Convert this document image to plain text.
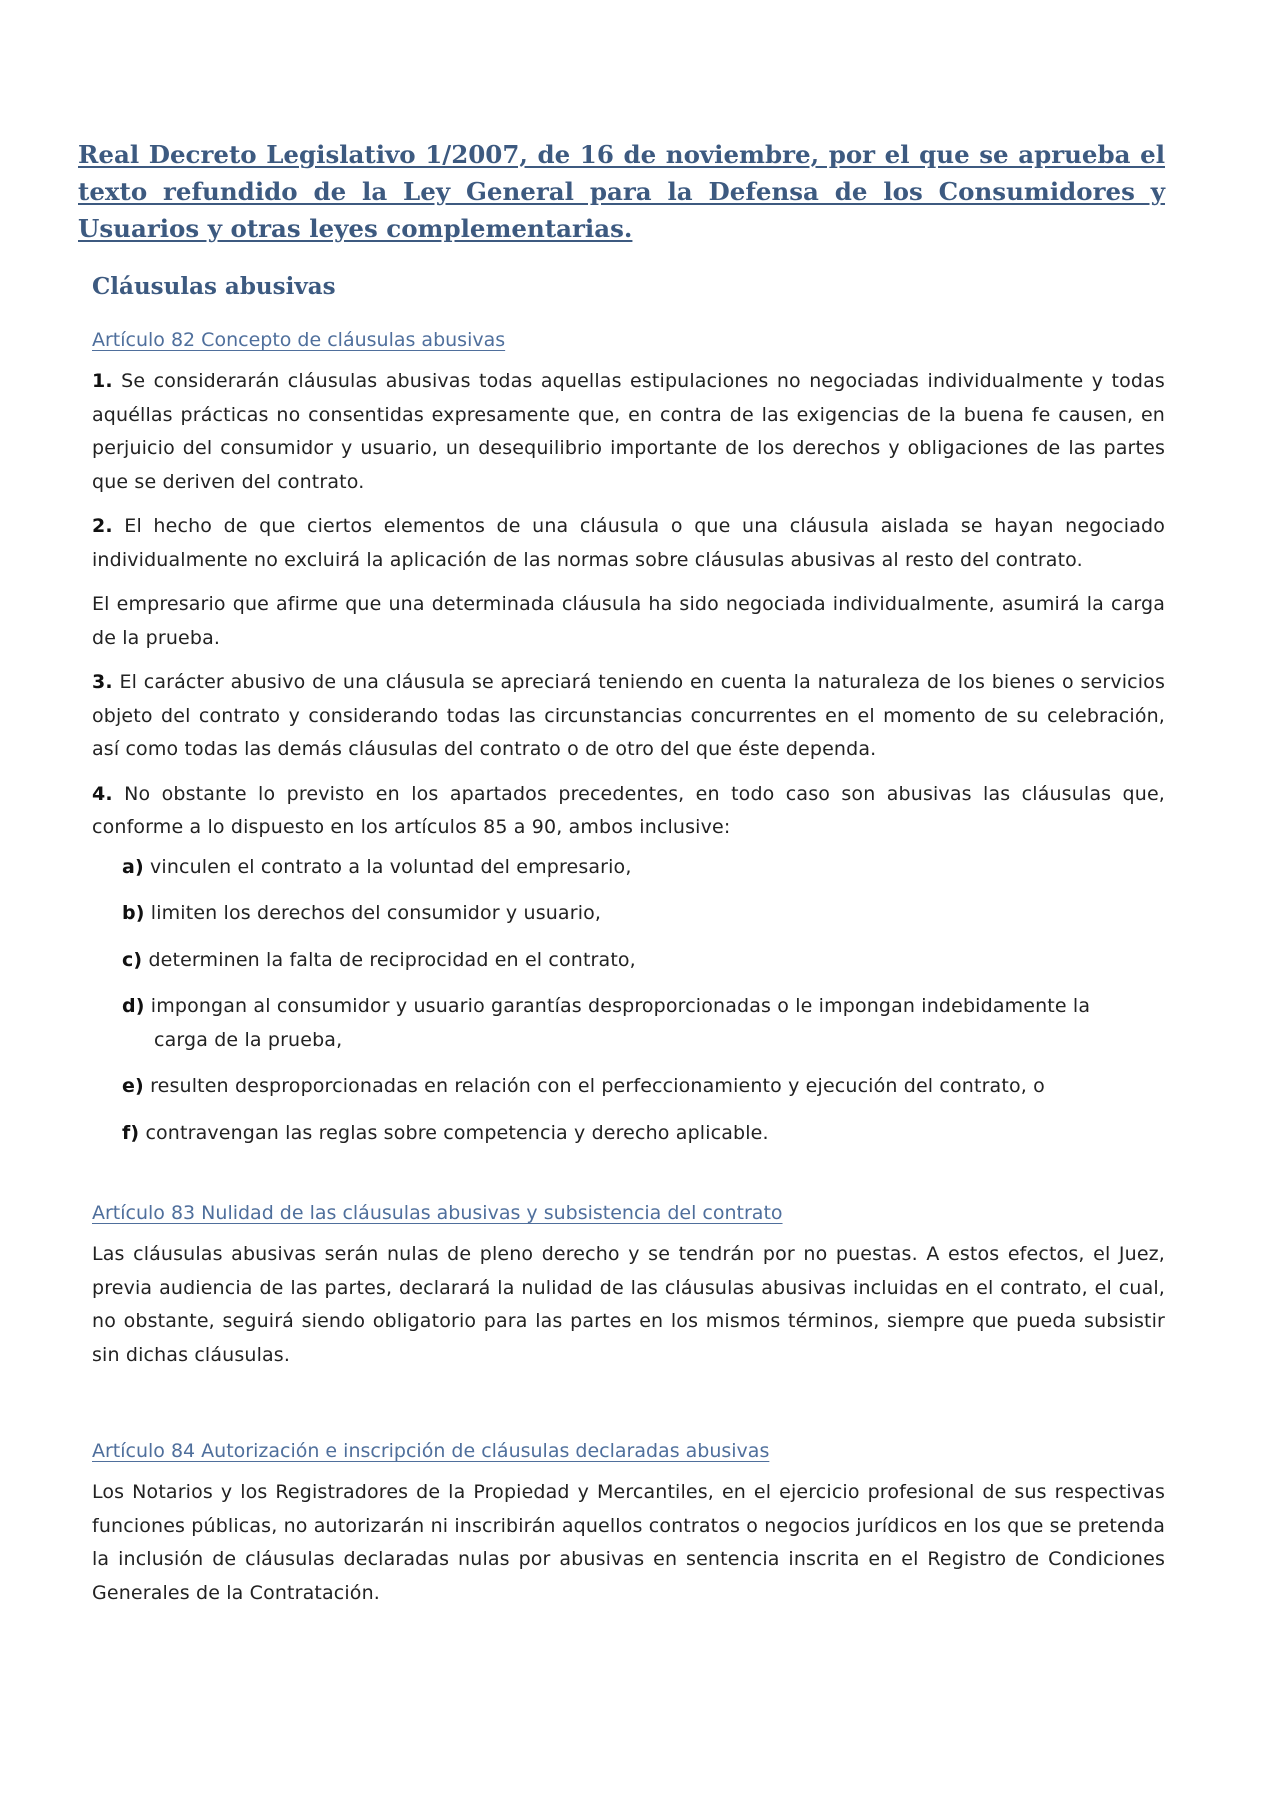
Real Decreto Legislativo 1/2007, de 16 de noviembre, por el que se aprueba el texto refundido de la Ley General para la Defensa de los Consumidores y Usuarios y otras leyes complementarias.
Cláusulas abusivas
Artículo 82 Concepto de cláusulas abusivas

1. Se considerarán cláusulas abusivas todas aquellas estipulaciones no negociadas individualmente y todas aquéllas prácticas no consentidas expresamente que, en contra de las exigencias de la buena fe causen, en perjuicio del consumidor y usuario, un desequilibrio importante de los derechos y obligaciones de las partes que se deriven del contrato.

2. El hecho de que ciertos elementos de una cláusula o que una cláusula aislada se hayan negociado individualmente no excluirá la aplicación de las normas sobre cláusulas abusivas al resto del contrato.

El empresario que afirme que una determinada cláusula ha sido negociada individualmente, asumirá la carga de la prueba.

3. El carácter abusivo de una cláusula se apreciará teniendo en cuenta la naturaleza de los bienes o servicios objeto del contrato y considerando todas las circunstancias concurrentes en el momento de su celebración, así como todas las demás cláusulas del contrato o de otro del que éste dependa.

4. No obstante lo previsto en los apartados precedentes, en todo caso son abusivas las cláusulas que, conforme a lo dispuesto en los artículos 85 a 90, ambos inclusive:

a) vinculen el contrato a la voluntad del empresario,
b) limiten los derechos del consumidor y usuario,
c) determinen la falta de reciprocidad en el contrato,
d) impongan al consumidor y usuario garantías desproporcionadas o le impongan indebidamente la
carga de la prueba,
e) resulten desproporcionadas en relación con el perfeccionamiento y ejecución del contrato, o
f) contravengan las reglas sobre competencia y derecho aplicable.
Artículo 83 Nulidad de las cláusulas abusivas y subsistencia del contrato

Las cláusulas abusivas serán nulas de pleno derecho y se tendrán por no puestas. A estos efectos, el Juez, previa audiencia de las partes, declarará la nulidad de las cláusulas abusivas incluidas en el contrato, el cual, no obstante, seguirá siendo obligatorio para las partes en los mismos términos, siempre que pueda subsistir sin dichas cláusulas.

Artículo 84 Autorización e inscripción de cláusulas declaradas abusivas

Los Notarios y los Registradores de la Propiedad y Mercantiles, en el ejercicio profesional de sus respectivas funciones públicas, no autorizarán ni inscribirán aquellos contratos o negocios jurídicos en los que se pretenda la inclusión de cláusulas declaradas nulas por abusivas en sentencia inscrita en el Registro de Condiciones Generales de la Contratación.
